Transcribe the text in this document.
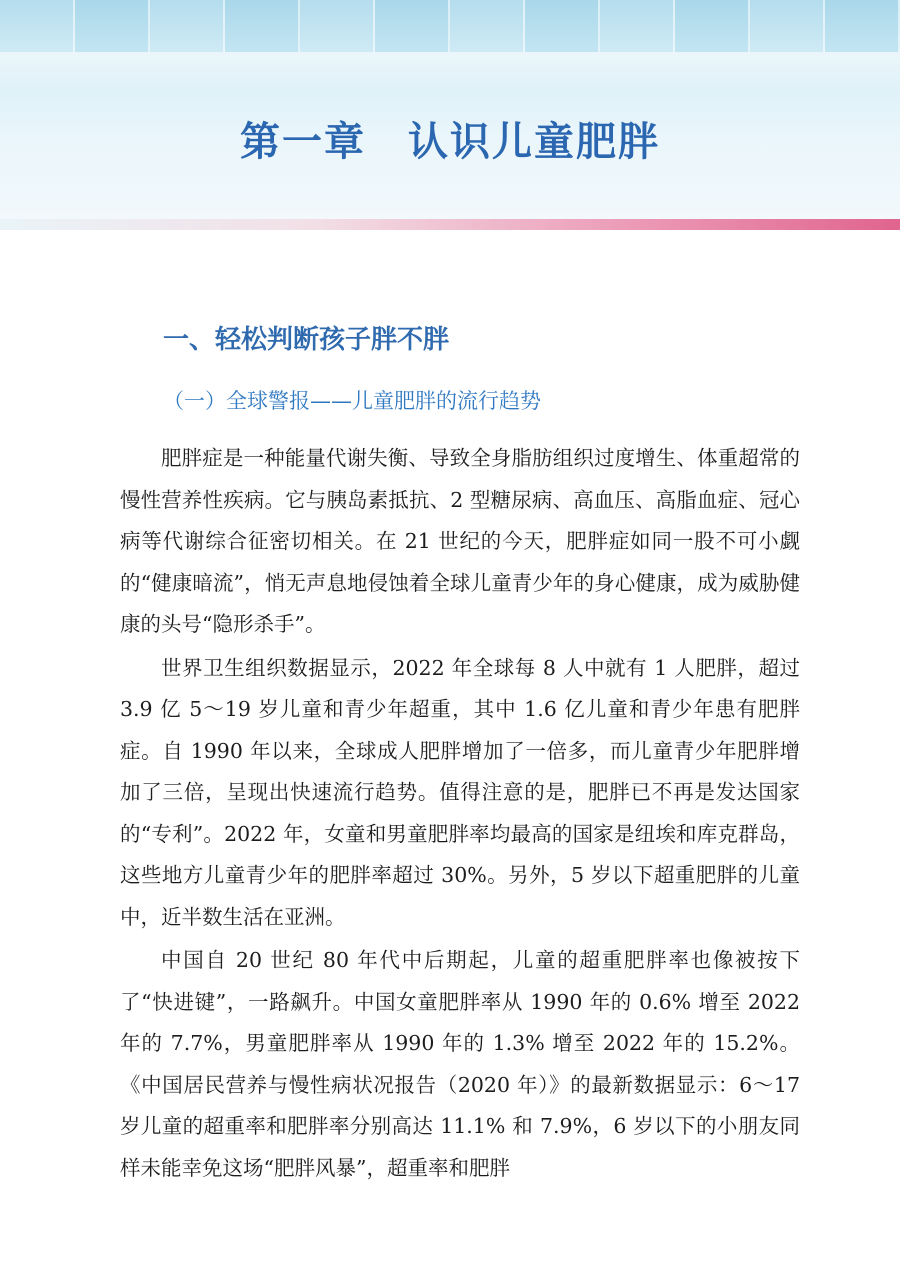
第一章　认识儿童肥胖
一、轻松判断孩子胖不胖
（一）全球警报——儿童肥胖的流行趋势

肥胖症是一种能量代谢失衡、导致全身脂肪组织过度增生、体重超常的慢性营养性疾病。它与胰岛素抵抗、2 型糖尿病、高血压、高脂血症、冠心病等代谢综合征密切相关。在 21 世纪的今天，肥胖症如同一股不可小觑的“健康暗流”，悄无声息地侵蚀着全球儿童青少年的身心健康，成为威胁健康的头号“隐形杀手”。

世界卫生组织数据显示，2022 年全球每 8 人中就有 1 人肥胖，超过 3.9 亿 5～19 岁儿童和青少年超重，其中 1.6 亿儿童和青少年患有肥胖症。自 1990 年以来，全球成人肥胖增加了一倍多，而儿童青少年肥胖增加了三倍，呈现出快速流行趋势。值得注意的是，肥胖已不再是发达国家的“专利”。2022 年，女童和男童肥胖率均最高的国家是纽埃和库克群岛，这些地方儿童青少年的肥胖率超过 30%。另外，5 岁以下超重肥胖的儿童中，近半数生活在亚洲。

中国自 20 世纪 80 年代中后期起，儿童的超重肥胖率也像被按下了“快进键”，一路飙升。中国女童肥胖率从 1990 年的 0.6% 增至 2022 年的 7.7%，男童肥胖率从 1990 年的 1.3% 增至 2022 年的 15.2%。《中国居民营养与慢性病状况报告（2020 年）》的最新数据显示：6～17 岁儿童的超重率和肥胖率分别高达 11.1% 和 7.9%，6 岁以下的小朋友同样未能幸免这场“肥胖风暴”，超重率和肥胖
